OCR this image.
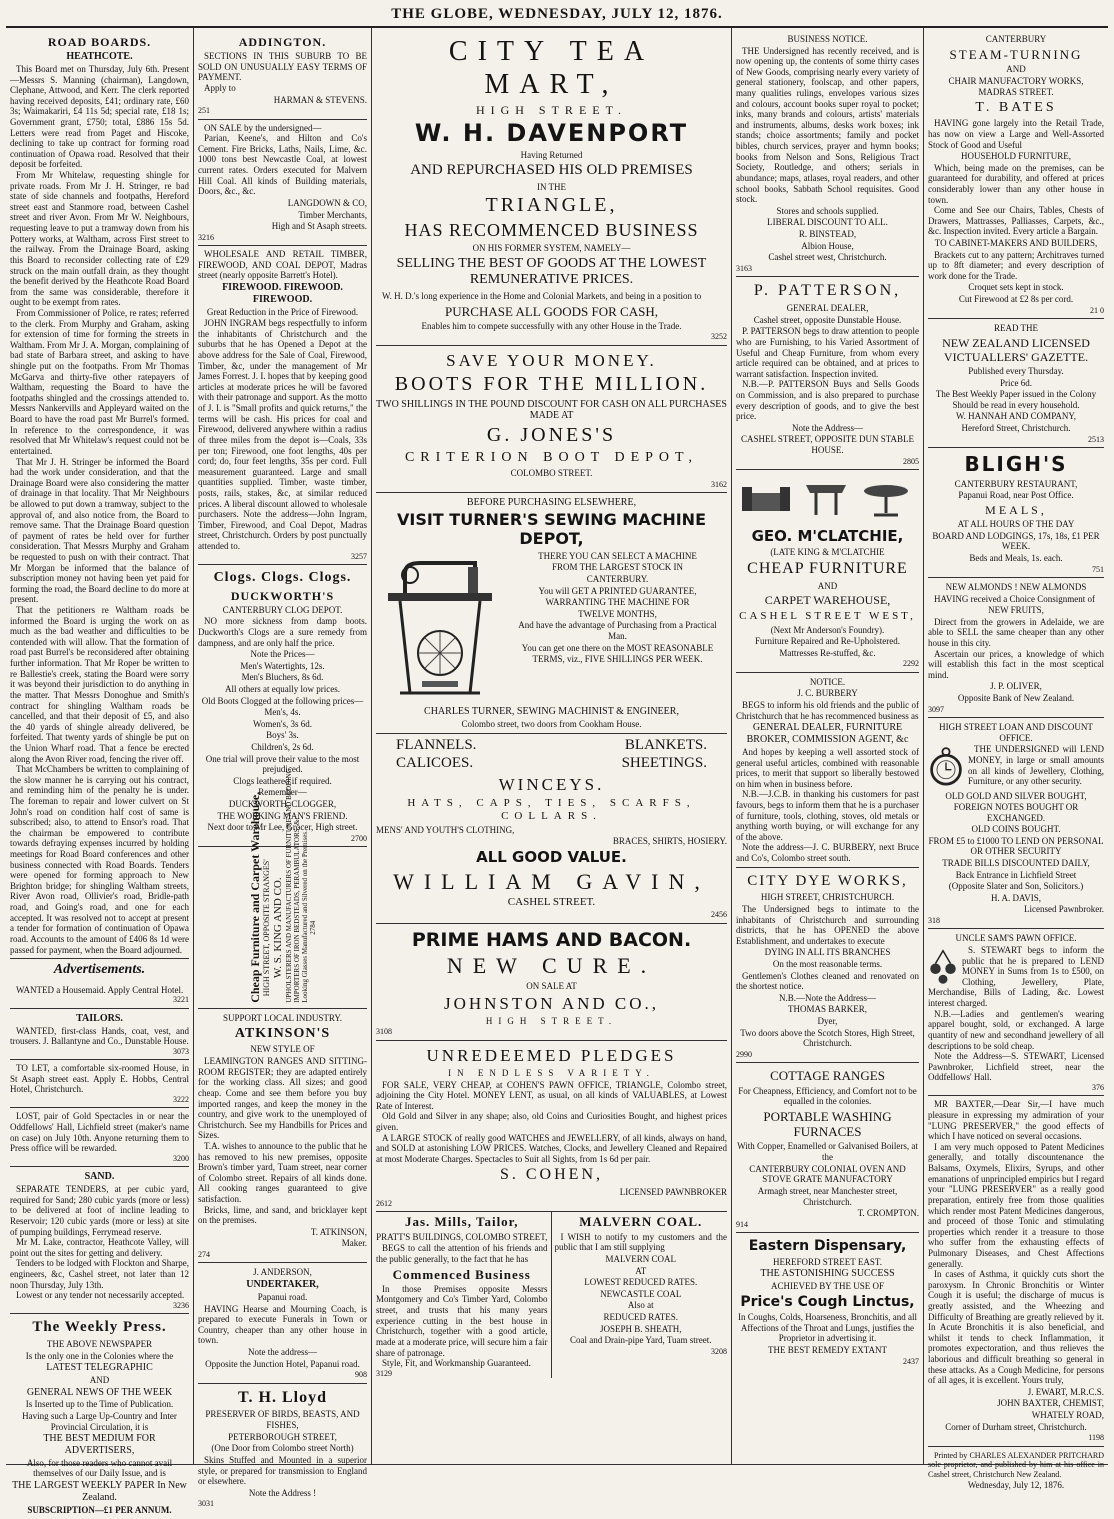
THE GLOBE, WEDNESDAY, JULY 12, 1876.
ROAD BOARDS.
HEATHCOTE.

This Board met on Thursday, July 6th. Present—Messrs S. Manning (chairman), Langdown, Clephane, Attwood, and Kerr. The clerk reported having received deposits, £41; ordinary rate, £60 3s; Waimakariri, £4 11s 5d; special rate, £18 1s; Government grant, £750; total, £886 15s 5d. Letters were read from Paget and Hiscoke, declining to take up contract for forming road continuation of Opawa road. Resolved that their deposit be forfeited.

From Mr Whitelaw, requesting shingle for private roads. From Mr J. H. Stringer, re bad state of side channels and footpaths, Hereford street east and Stanmore road, between Cashel street and river Avon. From Mr W. Neighbours, requesting leave to put a tramway down from his Pottery works, at Waltham, across First street to the railway. From the Drainage Board, asking this Board to reconsider collecting rate of £29 struck on the main outfall drain, as they thought the benefit derived by the Heathcote Road Board from the same was considerable, therefore it ought to be exempt from rates.

From Commissioner of Police, re rates; referred to the clerk. From Murphy and Graham, asking for extension of time for forming the streets in Waltham. From Mr J. A. Morgan, complaining of bad state of Barbara street, and asking to have shingle put on the footpaths. From Mr Thomas McGarva and thirty-five other ratepayers of Waltham, requesting the Board to have the footpaths shingled and the crossings attended to. Messrs Nankervills and Appleyard waited on the Board to have the road past Mr Burrel's formed. In reference to the correspondence, it was resolved that Mr Whitelaw's request could not be entertained.

That Mr J. H. Stringer be informed the Board had the work under consideration, and that the Drainage Board were also considering the matter of drainage in that locality. That Mr Neighbours be allowed to put down a tramway, subject to the approval of, and also notice from, the Board to remove same. That the Drainage Board question of payment of rates be held over for further consideration. That Messrs Murphy and Graham be requested to push on with their contract. That Mr Morgan be informed that the balance of subscription money not having been yet paid for forming the road, the Board decline to do more at present.

That the petitioners re Waltham roads be informed the Board is urging the work on as much as the bad weather and difficulties to be contended with will allow. That the formation of road past Burrel's be reconsidered after obtaining further information. That Mr Roper be written to re Ballestie's creek, stating the Board were sorry it was beyond their jurisdiction to do anything in the matter. That Messrs Donoghue and Smith's contract for shingling Waltham roads be cancelled, and that their deposit of £5, and also the 40 yards of shingle already delivered, be forfeited. That twenty yards of shingle be put on the Union Wharf road. That a fence be erected along the Avon River road, fencing the river off.

That McChambers be written to complaining of the slow manner he is carrying out his contract, and reminding him of the penalty he is under. The foreman to repair and lower culvert on St John's road on condition half cost of same is subscribed; also, to attend to Ensor's road. That the chairman be empowered to contribute towards defraying expenses incurred by holding meetings for Road Board conferences and other business connected with Road Boards. Tenders were opened for forming approach to New Brighton bridge; for shingling Waltham streets, River Avon road, Ollivier's road, Bridle-path road, and Going's road, and one for each accepted. It was resolved not to accept at present a tender for formation of continuation of Opawa road. Accounts to the amount of £406 8s 1d were passed for payment, when the Board adjourned.

Advertisements.

WANTED a Housemaid. Apply Central Hotel.

3221

TAILORS.

WANTED, first-class Hands, coat, vest, and trousers. J. Ballantyne and Co., Dunstable House.

3073

TO LET, a comfortable six-roomed House, in St Asaph street east. Apply E. Hobbs, Central Hotel, Christchurch.

3222

LOST, pair of Gold Spectacles in or near the Oddfellows' Hall, Lichfield street (maker's name on case) on July 10th. Anyone returning them to Press office will be rewarded.

3200

SAND.

SEPARATE TENDERS, at per cubic yard, required for Sand; 280 cubic yards (more or less) to be delivered at foot of incline leading to Reservoir; 120 cubic yards (more or less) at site of pumping buildings, Ferrymead reserve.

Mr M. Lake, contractor, Heathcote Valley, will point out the sites for getting and delivery.

Tenders to be lodged with Flockton and Sharpe, engineers, &c, Cashel street, not later than 12 noon Thursday, July 13th.

Lowest or any tender not necessarily accepted.

3236

The Weekly Press.
THE ABOVE NEWSPAPER
Is the only one in the Colonies where the
LATEST TELEGRAPHIC
AND
GENERAL NEWS OF THE WEEK
Is Inserted up to the Time of Publication.
Having such a Large Up-Country and Inter Provincial Circulation, it is
THE BEST MEDIUM FOR ADVERTISERS,
Also, for those readers who cannot avail themselves of our Daily Issue, and is
THE LARGEST WEEKLY PAPER In New Zealand.
SUBSCRIPTION—£1 PER ANNUM.
ADDINGTON.

SECTIONS IN THIS SUBURB TO BE SOLD ON UNUSUALLY EASY TERMS OF PAYMENT.

Apply to

HARMAN & STEVENS.

251

ON SALE by the undersigned—

Parian, Keene's, and Hilton and Co's Cement. Fire Bricks, Laths, Nails, Lime, &c. 1000 tons best Newcastle Coal, at lowest current rates. Orders executed for Malvern Hill Coal. All kinds of Building materials, Doors, &c., &c.

LANGDOWN & CO,

Timber Merchants,

High and St Asaph streets.

3216

WHOLESALE AND RETAIL TIMBER, FIREWOOD, AND COAL DEPOT, Madras street (nearly opposite Barrett's Hotel).

FIREWOOD. FIREWOOD. FIREWOOD.
Great Reduction in the Price of Firewood.

JOHN INGRAM begs respectfully to inform the inhabitants of Christchurch and the suburbs that he has Opened a Depot at the above address for the Sale of Coal, Firewood, Timber, &c, under the management of Mr James Forrest. J. I. hopes that by keeping good articles at moderate prices he will be favored with their patronage and support. As the motto of J. I. is "Small profits and quick returns," the terms will be cash. His prices for coal and Firewood, delivered anywhere within a radius of three miles from the depot is—Coals, 33s per ton; Firewood, one foot lengths, 40s per cord; do, four feet lengths, 35s per cord. Full measurement guaranteed. Large and small quantities supplied. Timber, waste timber, posts, rails, stakes, &c, at similar reduced prices. A liberal discount allowed to wholesale purchasers. Note the address—John Ingram, Timber, Firewood, and Coal Depot, Madras street, Christchurch. Orders by post punctually attended to.

3257

Clogs. Clogs. Clogs.
DUCKWORTH'S
CANTERBURY CLOG DEPOT.

NO more sickness from damp boots. Duckworth's Clogs are a sure remedy from dampness, and are only half the price.

Note the Prices—
Men's Watertights, 12s.
Men's Bluchers, 8s 6d.
All others at equally low prices.
Old Boots Clogged at the following prices—
Men's, 4s.
Women's, 3s 6d.
Boys' 3s.
Children's, 2s 6d.
One trial will prove their value to the most prejudiced.
Clogs leathered if required.
Remember—
DUCKWORTH, CLOGGER,
THE WORKING MAN'S FRIEND.
Next door to Mr Lee, Grocer, High street.

2700

Cheap Furniture and Carpet Warehouse, HIGH STREET, OPPOSITE STRANGES' W. S. KING AND CO. UPHOLSTERERS AND MANUFACTURERS OF FURNITURE AND BEDDING. IMPORTERS OF IRON BEDSTEADS, PERAMBULATORS, &c. Looking Glasses Manufactured and Silvered on the Premises. 2784
SUPPORT LOCAL INDUSTRY.
ATKINSON'S
NEW STYLE OF

LEAMINGTON RANGES AND SITTING-ROOM REGISTER; they are adapted entirely for the working class. All sizes; and good cheap. Come and see them before you buy imported ranges, and keep the money in the country, and give work to the unemployed of Christchurch. See my Handbills for Prices and Sizes.

T.A. wishes to announce to the public that he has removed to his new premises, opposite Brown's timber yard, Tuam street, near corner of Colombo street. Repairs of all kinds done. All cooking ranges guaranteed to give satisfaction.

Bricks, lime, and sand, and bricklayer kept on the premises.

T. ATKINSON,

Maker.

274

J. ANDERSON,
UNDERTAKER,
Papanui road.

HAVING Hearse and Mourning Coach, is prepared to execute Funerals in Town or Country, cheaper than any other house in town.

Note the address—
Opposite the Junction Hotel, Papanui road.

908

T. H. Lloyd
PRESERVER OF BIRDS, BEASTS, AND FISHES,
PETERBOROUGH STREET,
(One Door from Colombo street North)

Skins Stuffed and Mounted in a superior style, or prepared for transmission to England or elsewhere.

Note the Address !

3031

CITY TEA MART,
HIGH STREET.
W. H. DAVENPORT
Having Returned
AND REPURCHASED HIS OLD PREMISES
IN THE
TRIANGLE,
HAS RECOMMENCED BUSINESS
ON HIS FORMER SYSTEM, NAMELY—
SELLING THE BEST OF GOODS AT THE LOWEST REMUNERATIVE PRICES.

W. H. D.'s long experience in the Home and Colonial Markets, and being in a position to

PURCHASE ALL GOODS FOR CASH,
Enables him to compete successfully with any other House in the Trade.

3252

SAVE YOUR MONEY.
BOOTS FOR THE MILLION.
TWO SHILLINGS IN THE POUND DISCOUNT FOR CASH ON ALL PURCHASES MADE AT
G. JONES'S
CRITERION BOOT DEPOT,
COLOMBO STREET.

3162

BEFORE PURCHASING ELSEWHERE,
VISIT TURNER'S SEWING MACHINE DEPOT,
THERE YOU CAN SELECT A MACHINE
FROM THE LARGEST STOCK IN
CANTERBURY.
You will GET A PRINTED GUARANTEE,
WARRANTING THE MACHINE FOR
TWELVE MONTHS,
And have the advantage of Purchasing from a Practical Man.
You can get one there on the MOST REASONABLE
TERMS, viz., FIVE SHILLINGS PER WEEK.
CHARLES TURNER, SEWING MACHINIST & ENGINEER,
Colombo street, two doors from Cookham House.
FLANNELS.	BLANKETS.
CALICOES.	SHEETINGS.
WINCEYS.
HATS, CAPS, TIES, SCARFS, COLLARS.
MENS' AND YOUTH'S CLOTHING,
BRACES, SHIRTS, HOSIERY.
ALL GOOD VALUE.
WILLIAM GAVIN,
CASHEL STREET.

2456

PRIME HAMS AND BACON.
NEW CURE.
ON SALE AT
JOHNSTON AND CO.,
HIGH STREET.

3108

UNREDEEMED PLEDGES
IN ENDLESS VARIETY.

FOR SALE, VERY CHEAP, at COHEN'S PAWN OFFICE, TRIANGLE, Colombo street, adjoining the City Hotel. MONEY LENT, as usual, on all kinds of VALUABLES, at Lowest Rate of Interest.

Old Gold and Silver in any shape; also, old Coins and Curiosities Bought, and highest prices given.

A LARGE STOCK of really good WATCHES and JEWELLERY, of all kinds, always on hand, and SOLD at astonishing LOW PRICES. Watches, Clocks, and Jewellery Cleaned and Repaired at most Moderate Charges. Spectacles to Suit all Sights, from 1s 6d per pair.

S. COHEN,
LICENSED PAWNBROKER

2612

Jas. Mills, Tailor,
PRATT'S BUILDINGS, COLOMBO STREET,

BEGS to call the attention of his friends and the public generally, to the fact that he has

Commenced Business

In those Premises opposite Messrs Montgomery and Co's Timber Yard, Colombo street, and trusts that his many years experience cutting in the best house in Christchurch, together with a good article, made at a moderate price, will secure him a fair share of patronage.

Style, Fit, and Workmanship Guaranteed.

3129

MALVERN COAL.

I WISH to notify to my customers and the public that I am still supplying

MALVERN COAL
AT
LOWEST REDUCED RATES.
NEWCASTLE COAL
Also at
REDUCED RATES.
JOSEPH B. SHEATH,
Coal and Drain-pipe Yard, Tuam street.

3208

BUSINESS NOTICE.

THE Undersigned has recently received, and is now opening up, the contents of some thirty cases of New Goods, comprising nearly every variety of general stationery, foolscap, and other papers, many qualities rulings, envelopes various sizes and colours, account books super royal to pocket; inks, many brands and colours, artists' materials and instruments, albums, desks work boxes; ink stands; choice assortments; family and pocket bibles, church services, prayer and hymn books; books from Nelson and Sons, Religious Tract Society, Routledge, and others; serials in abundance; maps, atlases, royal readers, and other school books, Sabbath School requisites. Good stock.

Stores and schools supplied.
LIBERAL DISCOUNT TO ALL.
R. BINSTEAD,
Albion House,
Cashel street west, Christchurch.

3163

P. PATTERSON,
GENERAL DEALER,
Cashel street, opposite Dunstable House.

P. PATTERSON begs to draw attention to people who are Furnishing, to his Varied Assortment of Useful and Cheap Furniture, from whom every article required can be obtained, and at prices to warrant satisfaction. Inspection invited.

N.B.—P. PATTERSON Buys and Sells Goods on Commission, and is also prepared to purchase every description of goods, and to give the best price.

Note the Address—
CASHEL STREET, OPPOSITE DUN STABLE HOUSE.

2805

GEO. M'CLATCHIE,
(LATE KING & M'CLATCHIE
CHEAP FURNITURE
AND
CARPET WAREHOUSE,
CASHEL STREET WEST,
(Next Mr Anderson's Foundry).
Furniture Repaired and Re-Upholstered.
Mattresses Re-stuffed, &c.

2292

NOTICE.
J. C. BURBERY

BEGS to inform his old friends and the public of Christchurch that he has recommenced business as

GENERAL DEALER, FURNITURE BROKER, COMMISSION AGENT, &c

And hopes by keeping a well assorted stock of general useful articles, combined with reasonable prices, to merit that support so liberally bestowed on him when in business before.

N.B.—J.C.B. in thanking his customers for past favours, begs to inform them that he is a purchaser of furniture, tools, clothing, stoves, old metals or anything worth buying, or will exchange for any of the above.

Note the address—J. C. BURBERY, next Bruce and Co's, Colombo street south.

CITY DYE WORKS,
HIGH STREET, CHRISTCHURCH.

The Undersigned begs to intimate to the inhabitants of Christchurch and surrounding districts, that he has OPENED the above Establishment, and undertakes to execute

DYING IN ALL ITS BRANCHES
On the most reasonable terms.

Gentlemen's Clothes cleaned and renovated on the shortest notice.

N.B.—Note the Address—
THOMAS BARKER,
Dyer,
Two doors above the Scotch Stores, High Street, Christchurch.

2990

COTTAGE RANGES
For Cheapness, Efficiency, and Comfort not to be equalled in the colonies.
PORTABLE WASHING FURNACES
With Copper, Enamelled or Galvanised Boilers, at the
CANTERBURY COLONIAL OVEN AND STOVE GRATE MANUFACTORY
Armagh street, near Manchester street, Christchurch.
T. CROMPTON.

914

Eastern Dispensary,
HEREFORD STREET EAST.
THE ASTONISHING SUCCESS
ACHIEVED BY THE USE OF
Price's Cough Linctus,
In Coughs, Colds, Hoarseness, Bronchitis, and all Affections of the Throat and Lungs, justifies the Proprietor in advertising it.
THE BEST REMEDY EXTANT

2437

CANTERBURY
STEAM-TURNING
AND
CHAIR MANUFACTORY WORKS,
MADRAS STREET.
T. BATES

HAVING gone largely into the Retail Trade, has now on view a Large and Well-Assorted Stock of Good and Useful

HOUSEHOLD FURNITURE,

Which, being made on the premises, can be guaranteed for durability, and offered at prices considerably lower than any other house in town.

Come and See our Chairs, Tables, Chests of Drawers, Mattrasses, Palliasses, Carpets, &c., &c. Inspection invited. Every article a Bargain.

TO CABINET-MAKERS AND BUILDERS,

Brackets cut to any pattern; Architraves turned up to 8ft diameter; and every description of work done for the Trade.

Croquet sets kept in stock.
Cut Firewood at £2 8s per cord.

21 0

READ THE
NEW ZEALAND LICENSED VICTUALLERS' GAZETTE.
Published every Thursday.
Price 6d.
The Best Weekly Paper issued in the Colony Should be read in every household.
W. HANNAH AND COMPANY,
Hereford Street, Christchurch.

2513

BLIGH'S
CANTERBURY RESTAURANT,
Papanui Road, near Post Office.
MEALS,
AT ALL HOURS OF THE DAY
BOARD AND LODGINGS, 17s, 18s, £1 PER WEEK.
Beds and Meals, 1s. each.

751

NEW ALMONDS ! NEW ALMONDS

HAVING received a Choice Consignment of

NEW FRUITS,

Direct from the growers in Adelaide, we are able to SELL the same cheaper than any other house in this city.

Ascertain our prices, a knowledge of which will establish this fact in the most sceptical mind.

J. P. OLIVER,
Opposite Bank of New Zealand.

3097

HIGH STREET LOAN AND DISCOUNT OFFICE.

THE UNDERSIGNED will LEND MONEY, in large or small amounts on all kinds of Jewellery, Clothing, Furniture, or any other security.

OLD GOLD AND SILVER BOUGHT, FOREIGN NOTES BOUGHT OR EXCHANGED.
OLD COINS BOUGHT.
FROM £5 to £1000 TO LEND ON PERSONAL OR OTHER SECURITY
TRADE BILLS DISCOUNTED DAILY,
Back Entrance in Lichfield Street
(Opposite Slater and Son, Solicitors.)
H. A. DAVIS,
Licensed Pawnbroker.

318

UNCLE SAM'S PAWN OFFICE.

S. STEWART begs to inform the public that he is prepared to LEND MONEY in Sums from 1s to £500, on Clothing, Jewellery, Plate, Merchandise, Bills of Lading, &c. Lowest interest charged.

N.B.—Ladies and gentlemen's wearing apparel bought, sold, or exchanged. A large quantity of new and secondhand jewellery of all descriptions to be sold cheap.

Note the Address—S. STEWART, Licensed Pawnbroker, Lichfield street, near the Oddfellows' Hall.

376

MR BAXTER,—Dear Sir,—I have much pleasure in expressing my admiration of your "LUNG PRESERVER," the good effects of which I have noticed on several occasions.

I am very much opposed to Patent Medicines generally, and totally discountenance the Balsams, Oxymels, Elixirs, Syrups, and other emanations of unprincipled empirics but I regard your "LUNG PRESERVER" as a really good preparation, entirely free from those qualities which render most Patent Medicines dangerous, and proceed of those Tonic and stimulating properties which render it a treasure to those who suffer from the exhausting effects of Pulmonary Diseases, and Chest Affections generally.

In cases of Asthma, it quickly cuts short the paroxysm. In Chronic Bronchitis or Winter Cough it is useful; the discharge of mucus is greatly assisted, and the Wheezing and Difficulty of Breathing are greatly relieved by it. In Acute Bronchitis it is also beneficial, and whilst it tends to check Inflammation, it promotes expectoration, and thus relieves the laborious and difficult breathing so general in these attacks. As a Cough Medicine, for persons of all ages, it is excellent. Yours truly,

J. EWART, M.R.C.S.
JOHN BAXTER, CHEMIST,
WHATELY ROAD,
Corner of Durham street, Christchurch.

1198

Printed by CHARLES ALEXANDER PRITCHARD sole proprietor, and published by him at his office in Cashel street, Christchurch New Zealand.

Wednesday, July 12, 1876.
